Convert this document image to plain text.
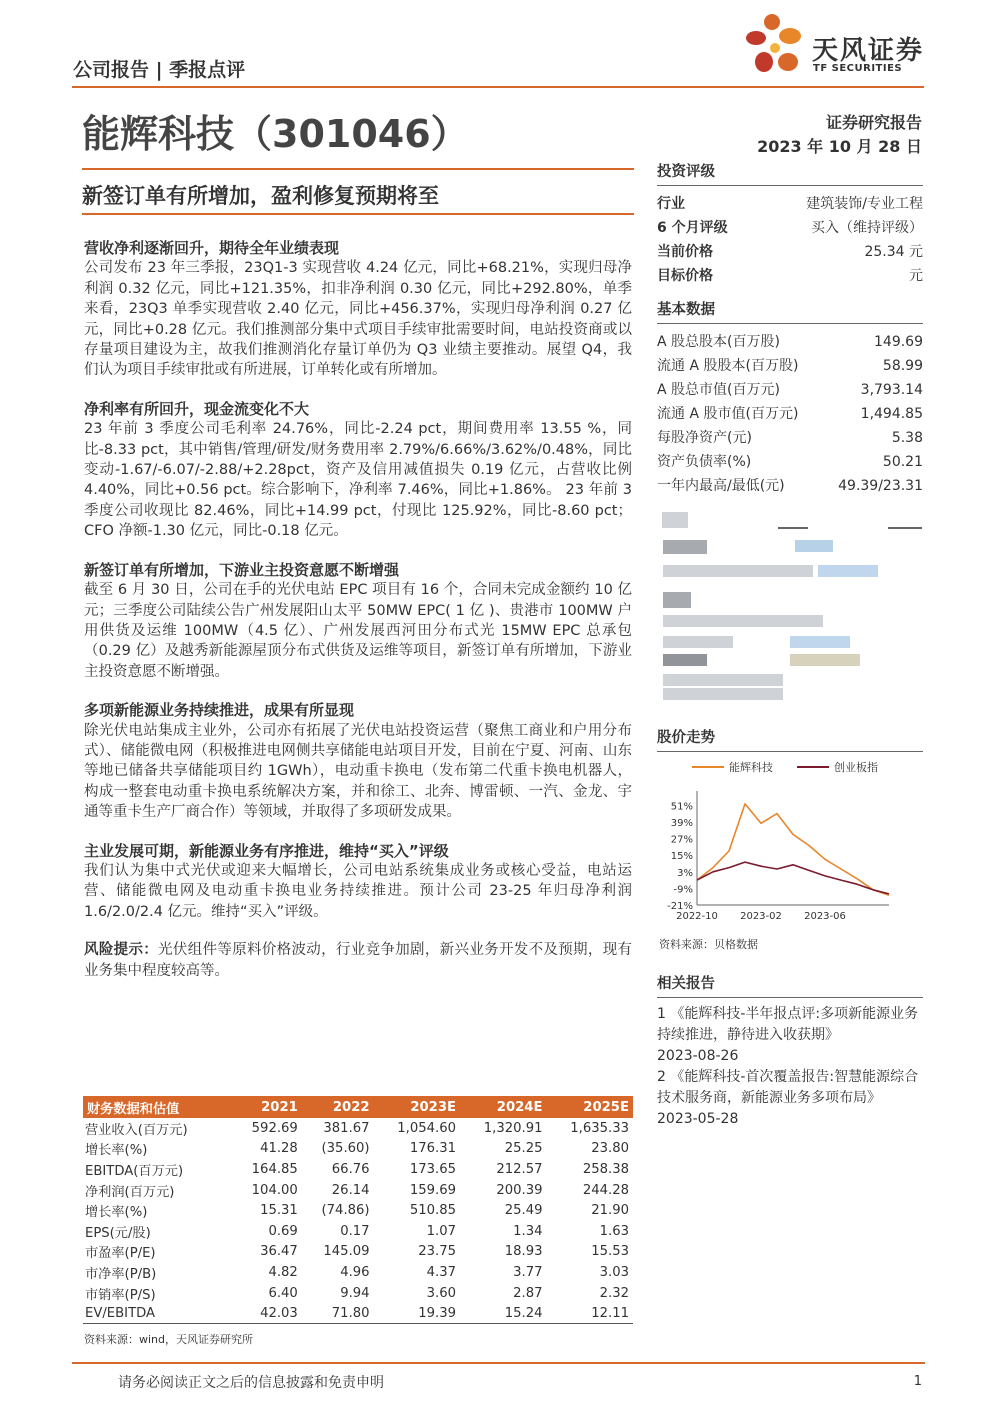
公司报告 | 季报点评
天风证券
TF SECURITIES
能辉科技（301046）	证券研究报告
2023 年 10 月 28 日
新签订单有所增加，盈利修复预期将至
营收净利逐渐回升，期待全年业绩表现

公司发布 23 年三季报，23Q1-3 实现营收 4.24 亿元，同比+68.21%，实现归母净利润 0.32 亿元，同比+121.35%，扣非净利润 0.30 亿元，同比+292.80%，单季来看，23Q3 单季实现营收 2.40 亿元，同比+456.37%，实现归母净利润 0.27 亿元，同比+0.28 亿元。我们推测部分集中式项目手续审批需要时间，电站投资商或以存量项目建设为主，故我们推测消化存量订单仍为 Q3 业绩主要推动。展望 Q4，我们认为项目手续审批或有所进展，订单转化或有所增加。

净利率有所回升，现金流变化不大

23 年前 3 季度公司毛利率 24.76%，同比-2.24 pct，期间费用率 13.55 %，同比-8.33 pct，其中销售/管理/研发/财务费用率 2.79%/6.66%/3.62%/0.48%，同比变动-1.67/-6.07/-2.88/+2.28pct，资产及信用减值损失 0.19 亿元，占营收比例 4.40%，同比+0.56 pct。综合影响下，净利率 7.46%，同比+1.86%。 23 年前 3 季度公司收现比 82.46%，同比+14.99 pct，付现比 125.92%，同比-8.60 pct；CFO 净额-1.30 亿元，同比-0.18 亿元。

新签订单有所增加，下游业主投资意愿不断增强

截至 6 月 30 日，公司在手的光伏电站 EPC 项目有 16 个，合同未完成金额约 10 亿元；三季度公司陆续公告广州发展阳山太平 50MW EPC( 1 亿 )、贵港市 100MW 户用供货及运维 100MW（4.5 亿）、广州发展西河田分布式光 15MW EPC 总承包（0.29 亿）及越秀新能源屋顶分布式供货及运维等项目，新签订单有所增加，下游业主投资意愿不断增强。

多项新能源业务持续推进，成果有所显现

除光伏电站集成主业外，公司亦有拓展了光伏电站投资运营（聚焦工商业和户用分布式）、储能微电网（积极推进电网侧共享储能电站项目开发，目前在宁夏、河南、山东等地已储备共享储能项目约 1GWh），电动重卡换电（发布第二代重卡换电机器人，构成一整套电动重卡换电系统解决方案，并和徐工、北奔、博雷顿、一汽、金龙、宇通等重卡生产厂商合作）等领域，并取得了多项研发成果。

主业发展可期，新能源业务有序推进，维持“买入”评级

我们认为集中式光伏或迎来大幅增长，公司电站系统集成业务或核心受益，电站运营、储能微电网及电动重卡换电业务持续推进。预计公司 23-25 年归母净利润 1.6/2.0/2.4 亿元。维持“买入”评级。

风险提示：光伏组件等原料价格波动，行业竞争加剧，新兴业务开发不及预期，现有业务集中程度较高等。

投资评级
行业	建筑装饰/专业工程
6 个月评级	买入（维持评级）
当前价格	25.34 元
目标价格	元
基本数据
A 股总股本(百万股)	149.69
流通 A 股股本(百万股)	58.99
A 股总市值(百万元)	3,793.14
流通 A 股市值(百万元)	1,494.85
每股净资产(元)	5.38
资产负债率(%)	50.21
一年内最高/最低(元)	49.39/23.31
股价走势
能辉科技	创业板指
51%
39%
27%
15%
3%
-9%
-21%
2022-10 2023-02 2023-06
资料来源：贝格数据
相关报告
1 《能辉科技-半年报点评:多项新能源业务持续推进，静待进入收获期》
2023-08-26
2 《能辉科技-首次覆盖报告:智慧能源综合技术服务商，新能源业务多项布局》
2023-05-28
财务数据和估值	2021	2022	2023E	2024E	2025E
营业收入(百万元)	592.69	381.67	1,054.60	1,320.91	1,635.33
增长率(%)	41.28	(35.60)	176.31	25.25	23.80
EBITDA(百万元)	164.85	66.76	173.65	212.57	258.38
净利润(百万元)	104.00	26.14	159.69	200.39	244.28
增长率(%)	15.31	(74.86)	510.85	25.49	21.90
EPS(元/股)	0.69	0.17	1.07	1.34	1.63
市盈率(P/E)	36.47	145.09	23.75	18.93	15.53
市净率(P/B)	4.82	4.96	4.37	3.77	3.03
市销率(P/S)	6.40	9.94	3.60	2.87	2.32
EV/EBITDA	42.03	71.80	19.39	15.24	12.11
资料来源：wind，天风证券研究所
请务必阅读正文之后的信息披露和免责申明	1
